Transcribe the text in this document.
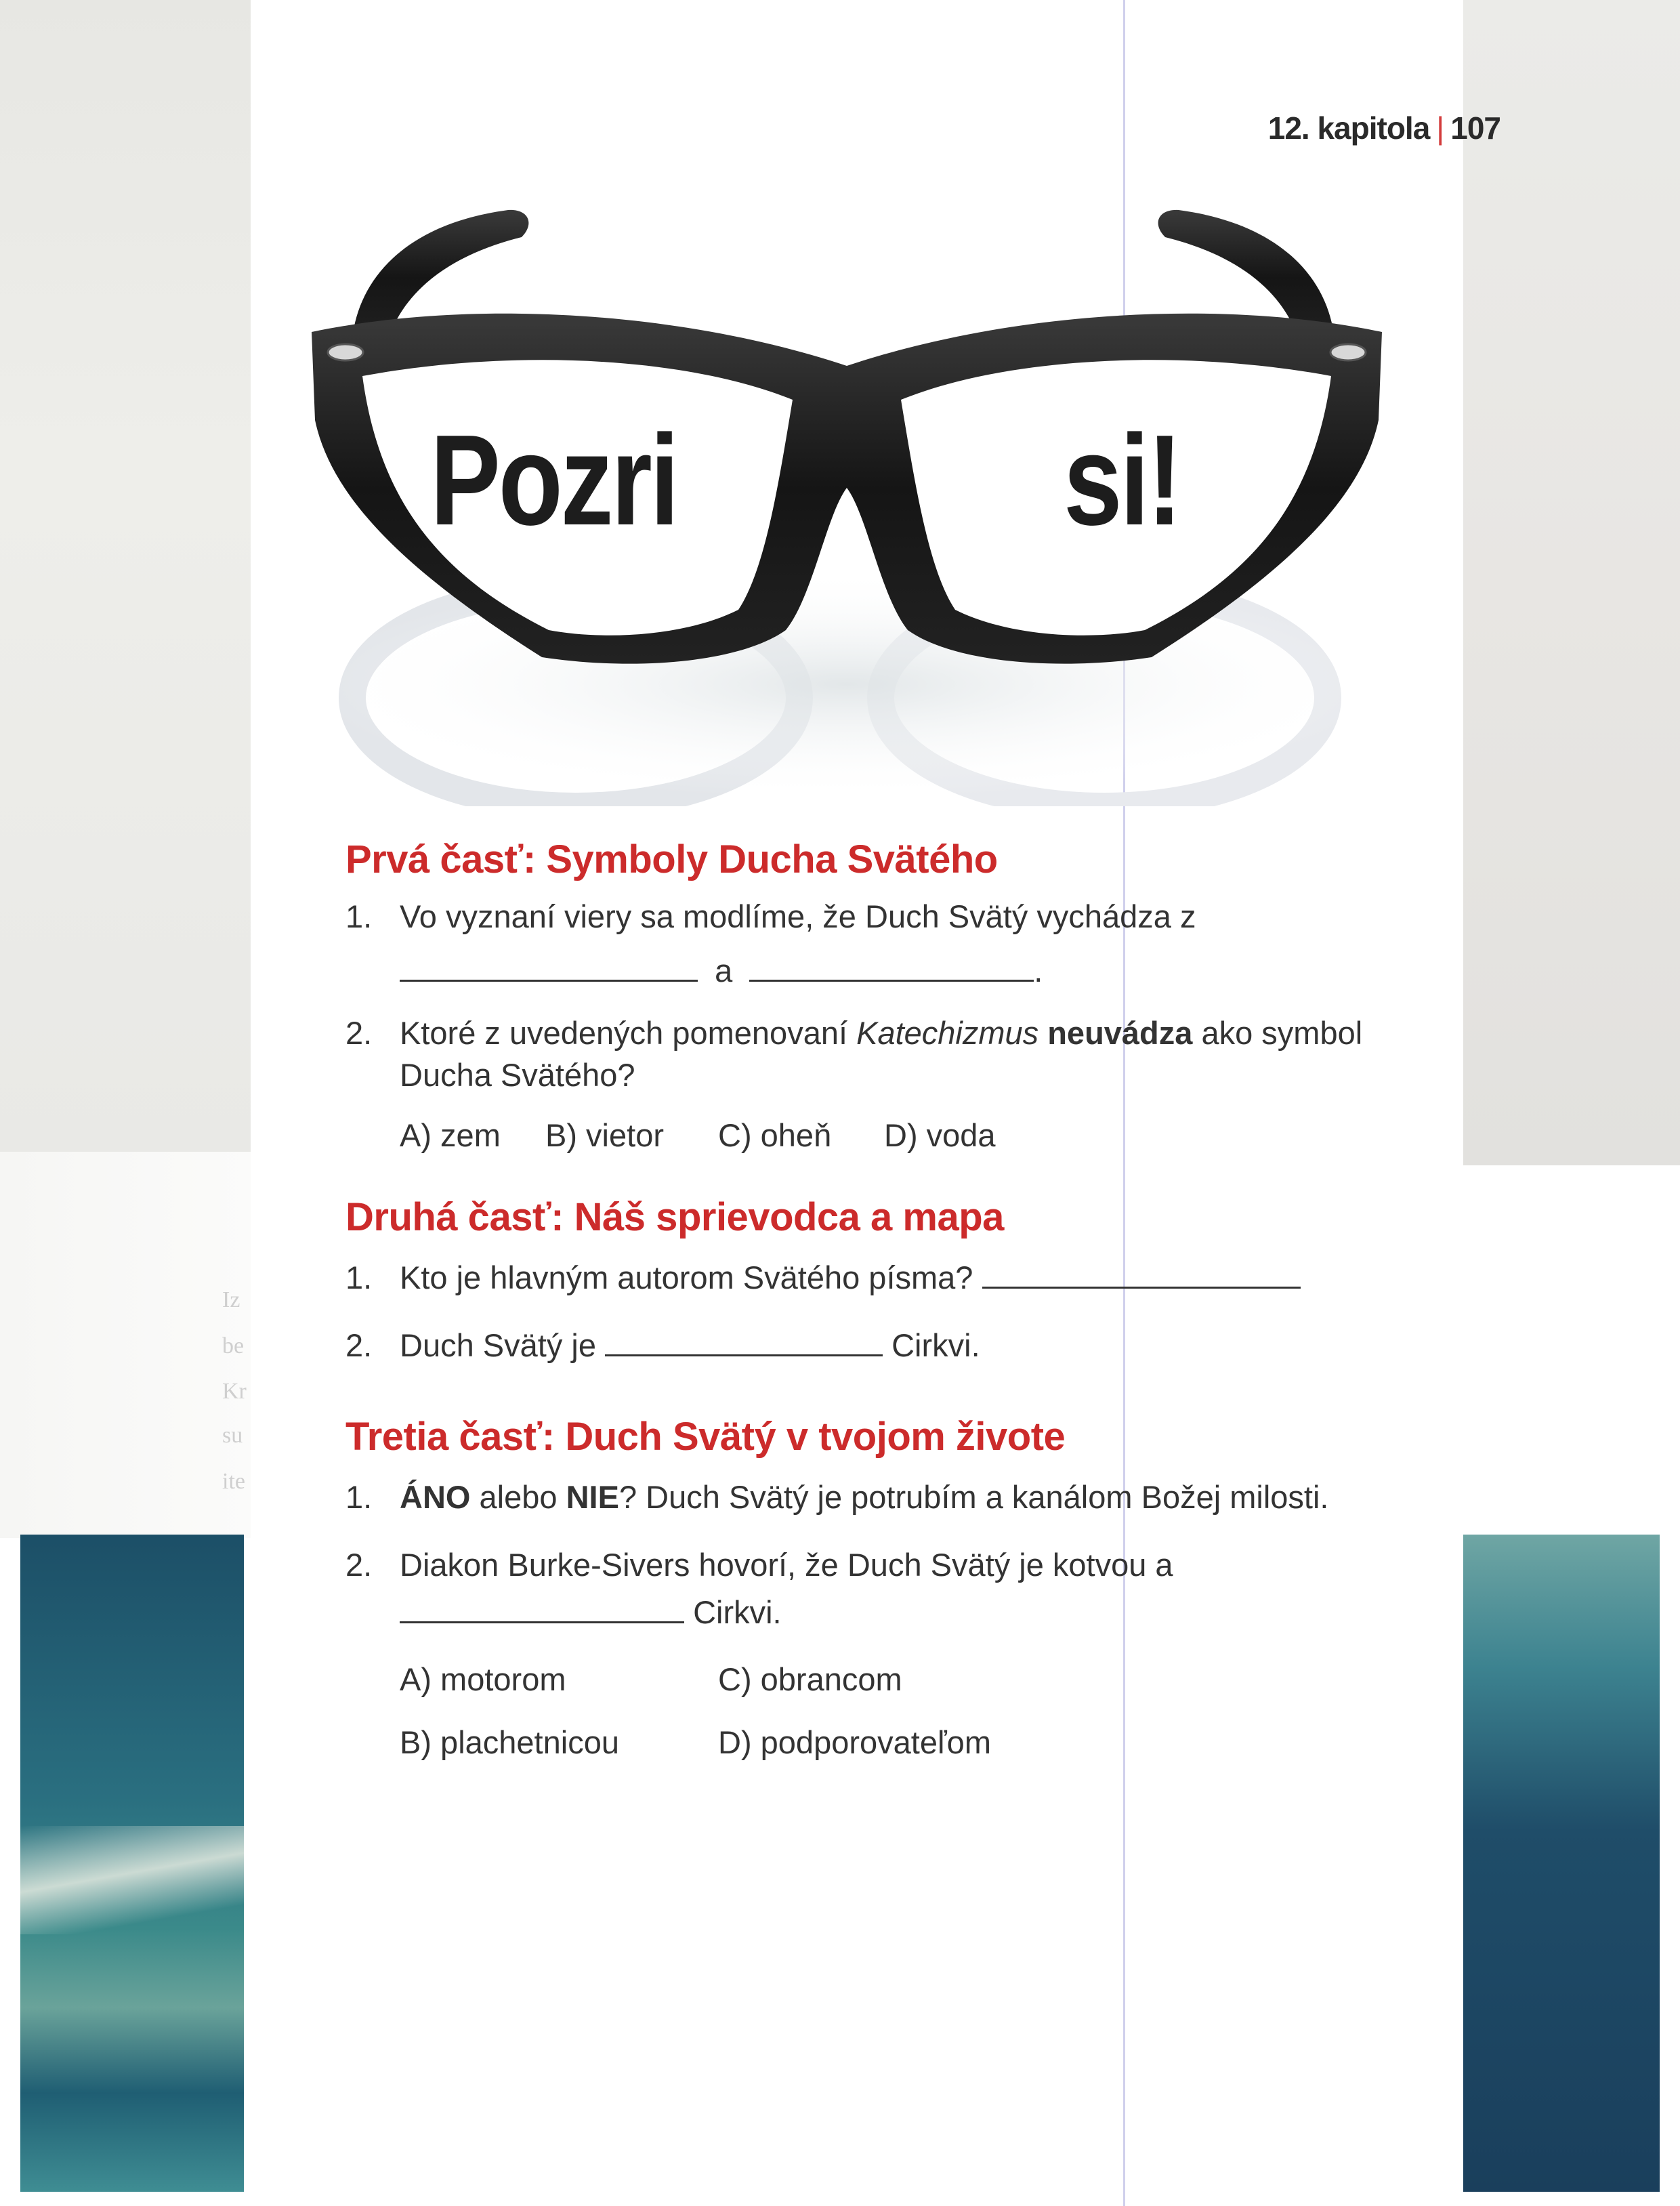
Iz
be
Kr
su
ite
12. kapitola | 107
Pozri	si!
Prvá časť: Symboly Ducha Svätého
1. Vo vyznaní viery sa modlíme, že Duch Svätý vychádza z
a	.
2. Ktoré z uvedených pomenovaní Katechizmus neuvádza ako symbol Ducha Svätého?
A) zem	B) vietor	C) oheň	D) voda
Druhá časť: Náš sprievodca a mapa
1. Kto je hlavným autorom Svätého písma?
2. Duch Svätý je	Cirkvi.
Tretia časť: Duch Svätý v tvojom živote
1. ÁNO alebo NIE? Duch Svätý je potrubím a kanálom Božej milosti.
2. Diakon Burke-Sivers hovorí, že Duch Svätý je kotvou a
Cirkvi.
A) motorom	C) obrancom
B) plachetnicou	D) podporovateľom
